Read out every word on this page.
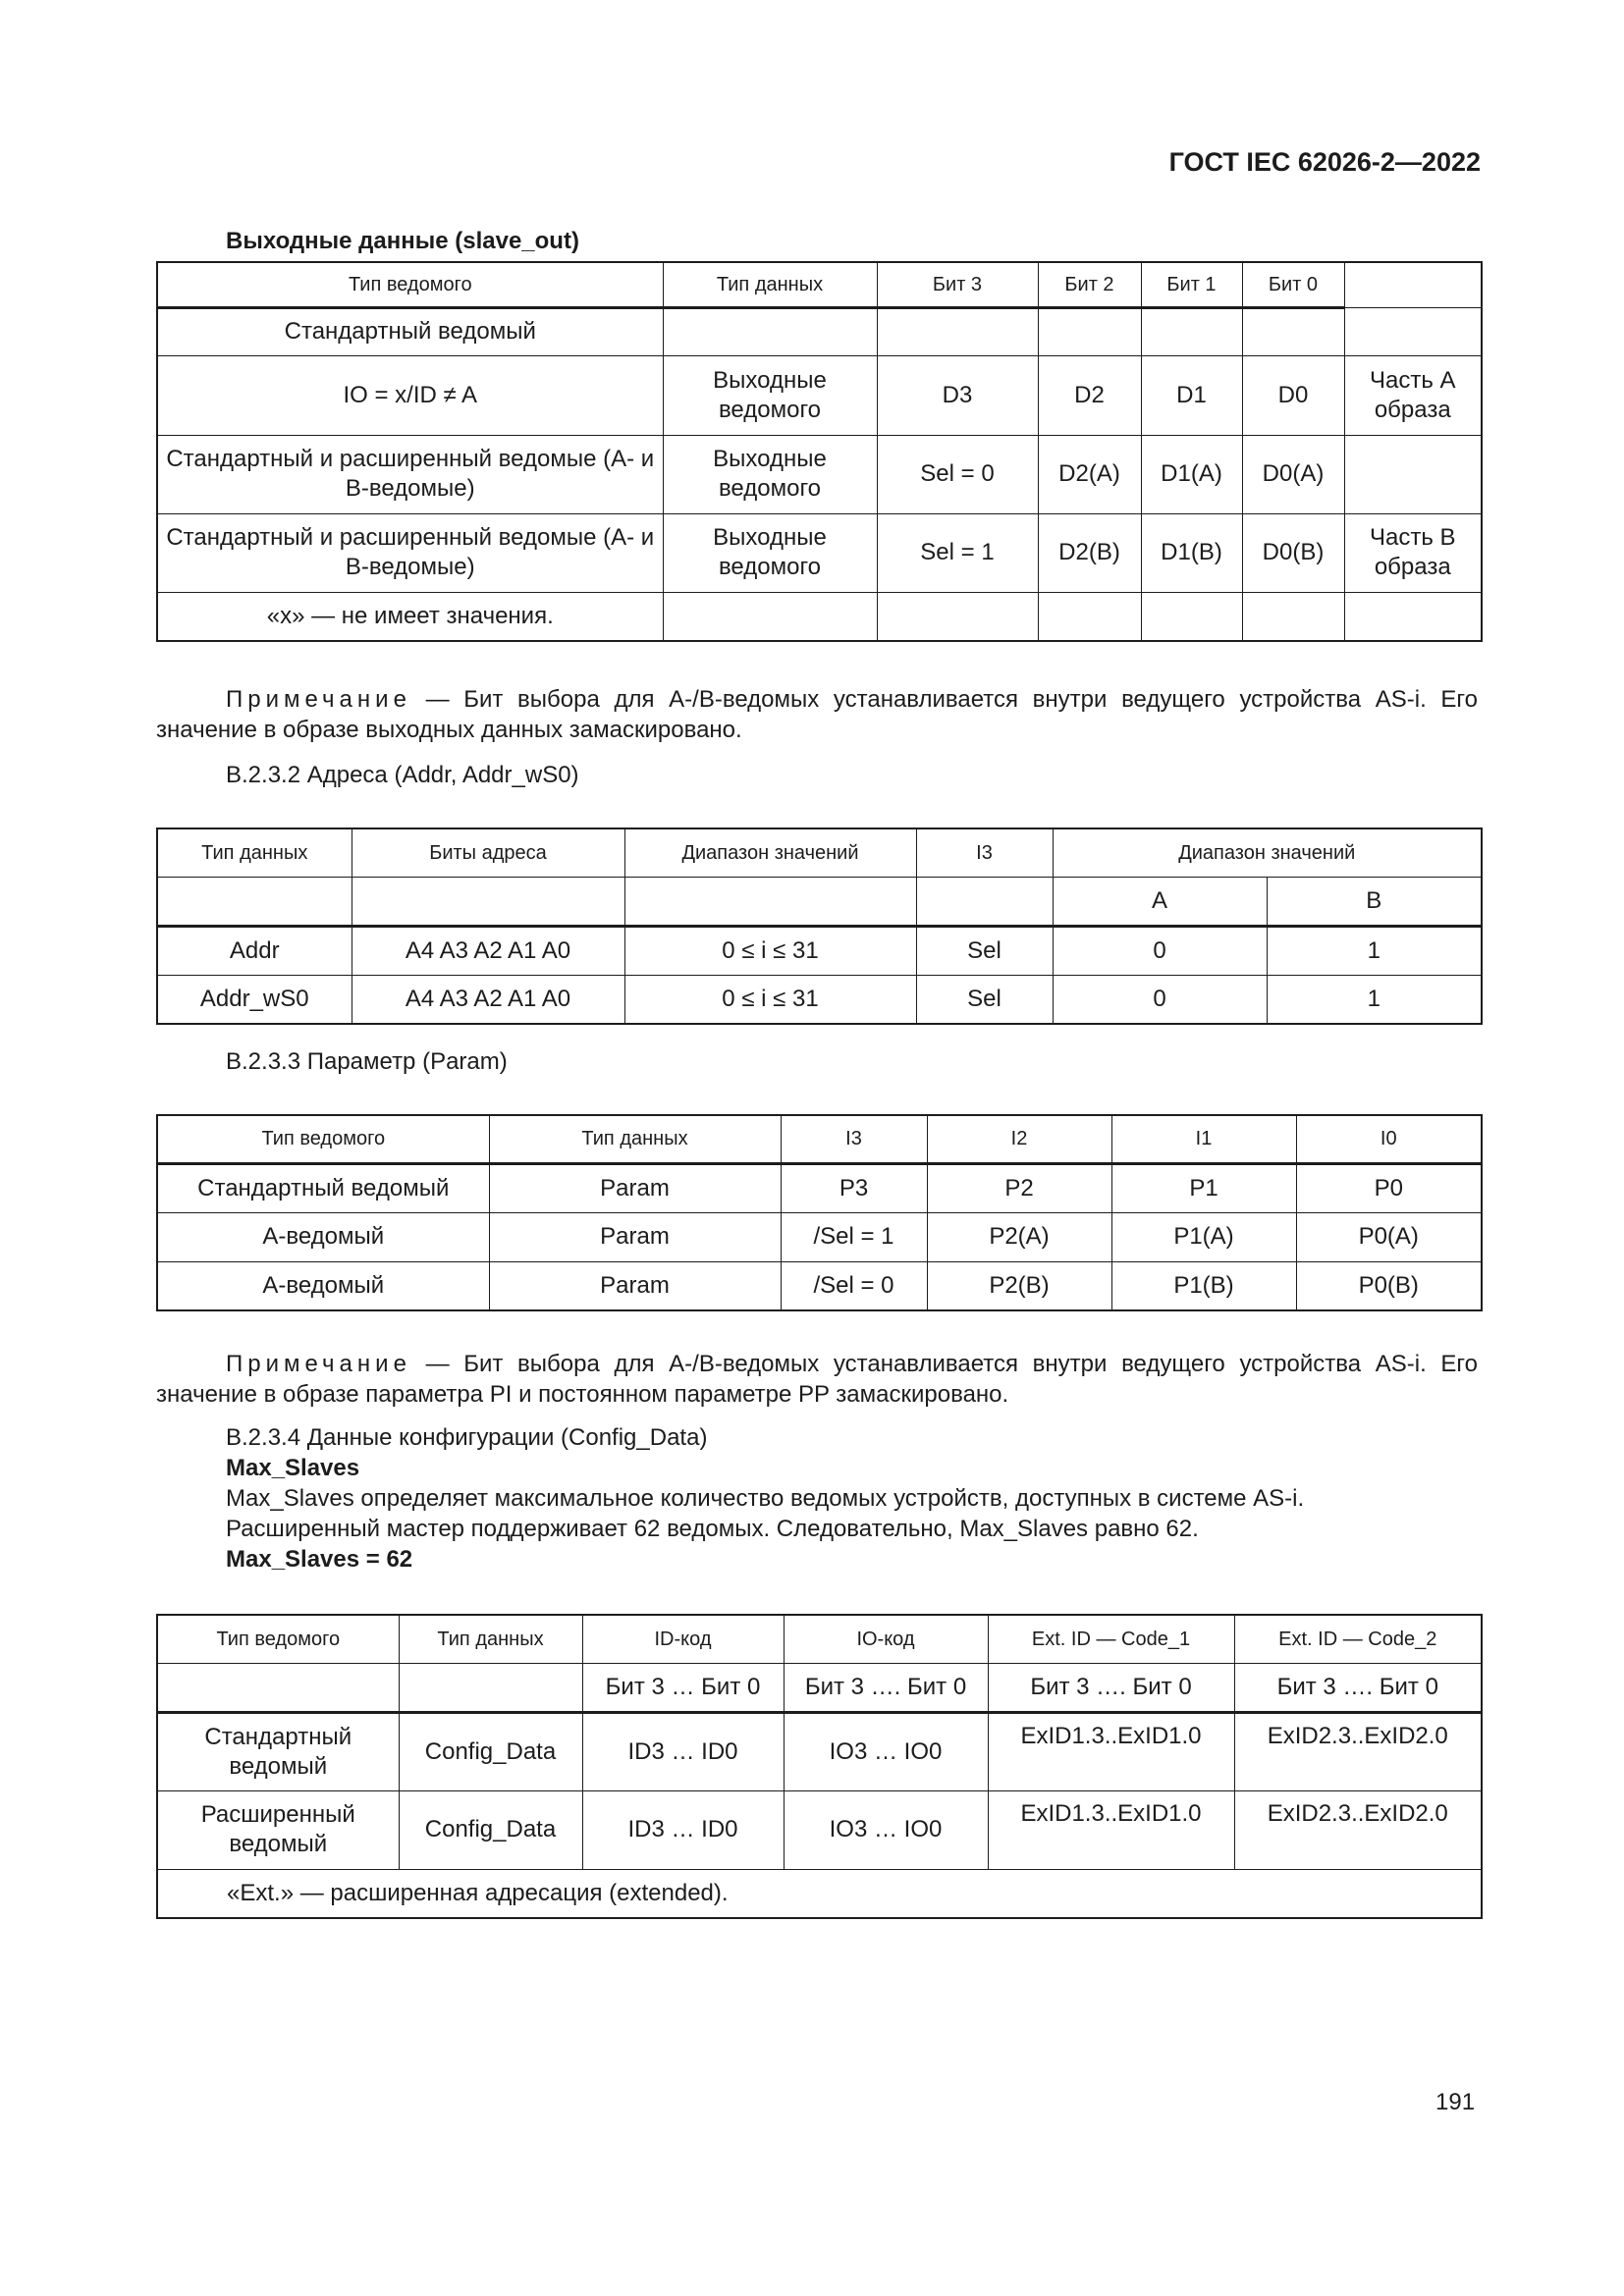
ГОСТ IEC 62026-2—2022
Выходные данные (slave_out)
Тип ведомого	Тип данных	Бит 3	Бит 2	Бит 1	Бит 0	
Стандартный ведомый						
IO = x/ID ≠ A	Выходные ведомого	D3	D2	D1	D0	Часть А образа
Стандартный и расширенный ведомые (А- и В-ведомые)	Выходные ведомого	Sel = 0	D2(A)	D1(A)	D0(A)	
Стандартный и расширенный ведомые (А- и В-ведомые)	Выходные ведомого	Sel = 1	D2(B)	D1(B)	D0(B)	Часть В образа
«х» — не имеет значения.						
Примечание — Бит выбора для А-/В-ведомых устанавливается внутри ведущего устройства AS-i. Его значение в образе выходных данных замаскировано.
В.2.3.2 Адреса (Addr, Addr_wS0)
Тип данных	Биты адреса	Диапазон значений	I3	Диапазон значений	
				A	B
Addr	A4 A3 A2 A1 A0	0 ≤ i ≤ 31	Sel	0	1
Addr_wS0	A4 A3 A2 A1 A0	0 ≤ i ≤ 31	Sel	0	1
В.2.3.3 Параметр (Param)
Тип ведомого	Тип данных	I3	I2	I1	I0
Стандартный ведомый	Param	P3	P2	P1	P0
А-ведомый	Param	/Sel = 1	P2(A)	P1(A)	P0(A)
А-ведомый	Param	/Sel = 0	P2(B)	P1(B)	P0(B)
Примечание — Бит выбора для А-/В-ведомых устанавливается внутри ведущего устройства AS-i. Его значение в образе параметра PI и постоянном параметре PP замаскировано.
В.2.3.4 Данные конфигурации (Config_Data)
Max_Slaves
Max_Slaves определяет максимальное количество ведомых устройств, доступных в системе AS-i.
Расширенный мастер поддерживает 62 ведомых. Следовательно, Max_Slaves равно 62.
Max_Slaves = 62
Тип ведомого	Тип данных	ID-код	IO-код	Ext. ID — Code_1	Ext. ID — Code_2
		Бит 3 … Бит 0	Бит 3 …. Бит 0	Бит 3 …. Бит 0	Бит 3 …. Бит 0
Стандартный ведомый	Config_Data	ID3 … ID0	IO3 … IO0	ExID1.3..ExID1.0	ExID2.3..ExID2.0
Расширенный ведомый	Config_Data	ID3 … ID0	IO3 … IO0	ExID1.3..ExID1.0	ExID2.3..ExID2.0
«Ext.» — расширенная адресация (extended).					
191
